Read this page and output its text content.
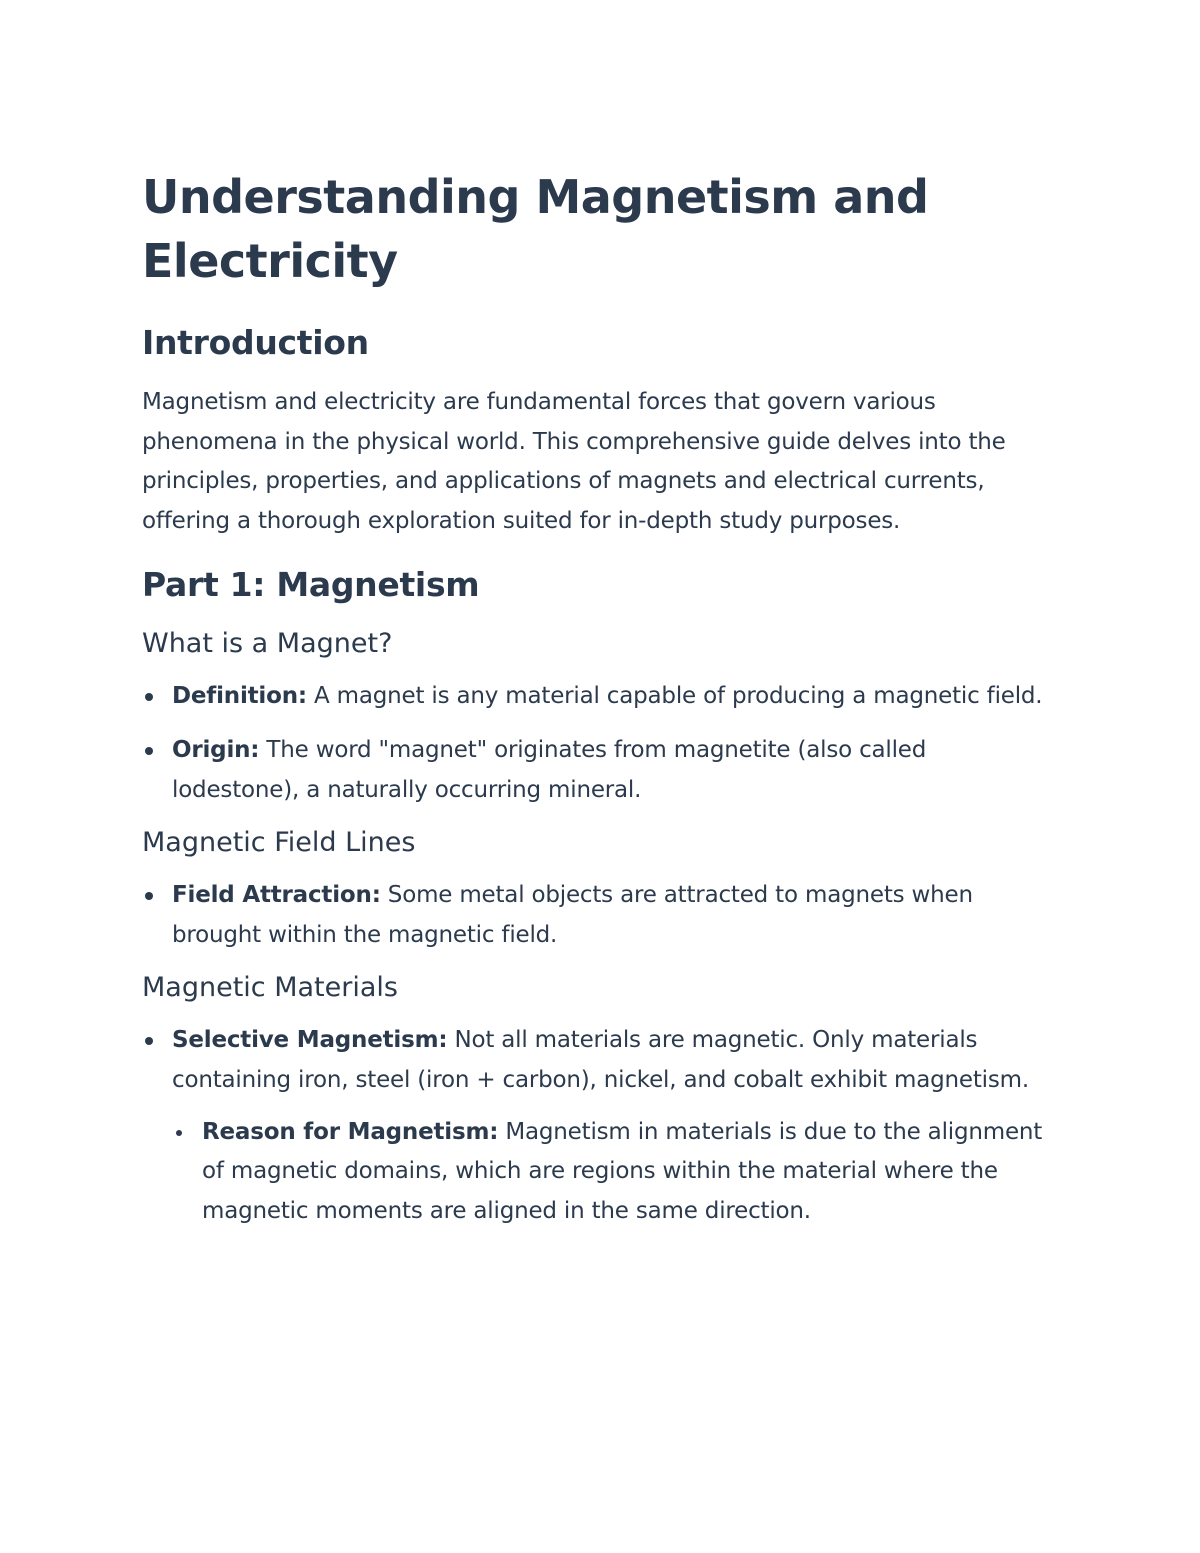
Understanding Magnetism and Electricity
Introduction

Magnetism and electricity are fundamental forces that govern various phenomena in the physical world. This comprehensive guide delves into the principles, properties, and applications of magnets and electrical currents, offering a thorough exploration suited for in-depth study purposes.

Part 1: Magnetism
What is a Magnet?
Definition: A magnet is any material capable of producing a magnetic field.
Origin: The word "magnet" originates from magnetite (also called lodestone), a naturally occurring mineral.
Magnetic Field Lines
Field Attraction: Some metal objects are attracted to magnets when brought within the magnetic field.
Magnetic Materials
Selective Magnetism: Not all materials are magnetic. Only materials containing iron, steel (iron + carbon), nickel, and cobalt exhibit magnetism.
Reason for Magnetism: Magnetism in materials is due to the alignment of magnetic domains, which are regions within the material where the magnetic moments are aligned in the same direction.
